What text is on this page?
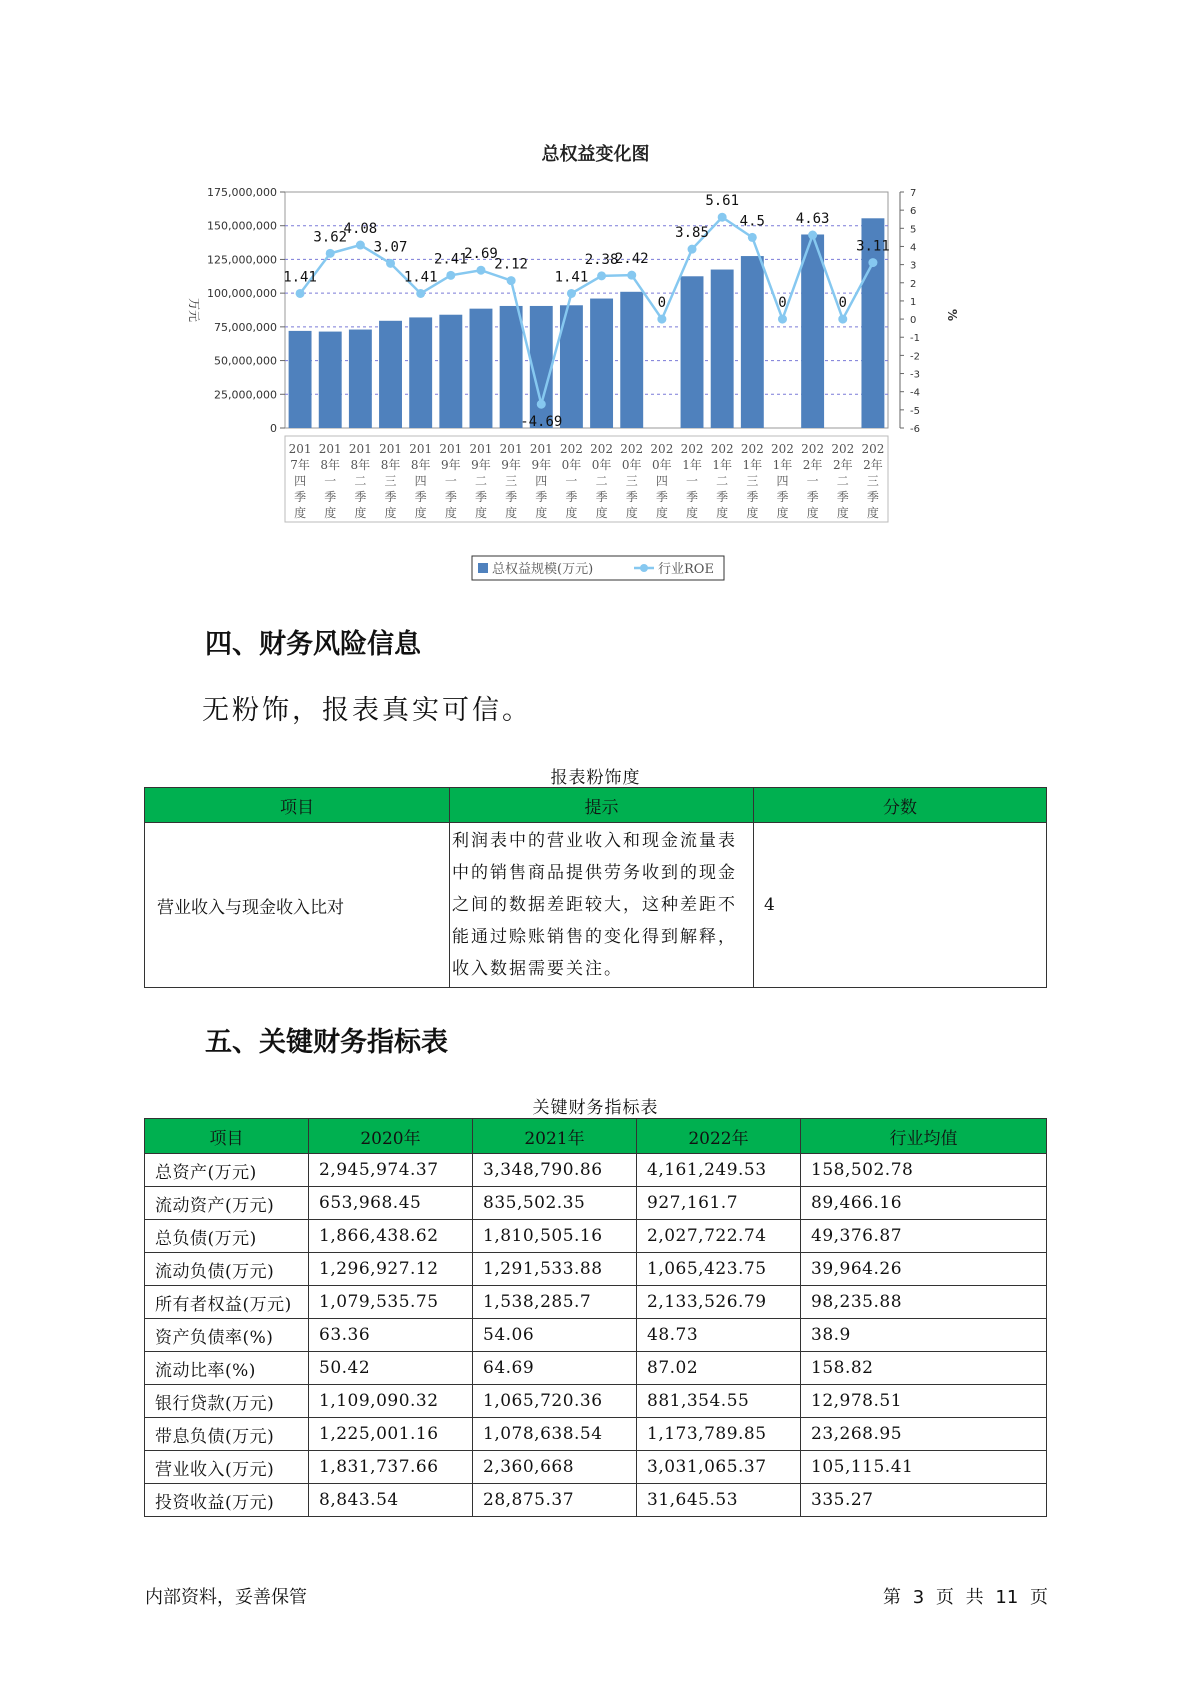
总权益变化图
0
25,000,000
50,000,000
75,000,000
100,000,000
125,000,000
150,000,000
175,000,000
-6
-5
-4
-3
-2
-1
0
1
2
3
4
5
6
7
万元	%
1.41
3.62
4.08
3.07
1.41
2.41
2.69
2.12
-4.69
1.41
2.38
2.42
0
3.85
5.61
4.5
0
4.63
0
3.11
201
7年
四
季
度
201
8年
一
季
度
201
8年
二
季
度
201
8年
三
季
度
201
8年
四
季
度
201
9年
一
季
度
201
9年
二
季
度
201
9年
三
季
度
201
9年
四
季
度
202
0年
一
季
度
202
0年
二
季
度
202
0年
三
季
度
202
0年
四
季
度
202
1年
一
季
度
202
1年
二
季
度
202
1年
三
季
度
202
1年
四
季
度
202
2年
一
季
度
202
2年
二
季
度
202
2年
三
季
度
总权益规模(万元)	行业ROE
四、财务风险信息
无粉饰，报表真实可信。
报表粉饰度
项目	提示	分数
营业收入与现金收入比对	利润表中的营业收入和现金流量表中的销售商品提供劳务收到的现金之间的数据差距较大，这种差距不能通过赊账销售的变化得到解释，收入数据需要关注。	4
五、关键财务指标表
关键财务指标表
项目	2020年	2021年	2022年	行业均值
总资产(万元)	2,945,974.37	3,348,790.86	4,161,249.53	158,502.78
流动资产(万元)	653,968.45	835,502.35	927,161.7	89,466.16
总负债(万元)	1,866,438.62	1,810,505.16	2,027,722.74	49,376.87
流动负债(万元)	1,296,927.12	1,291,533.88	1,065,423.75	39,964.26
所有者权益(万元)	1,079,535.75	1,538,285.7	2,133,526.79	98,235.88
资产负债率(%)	63.36	54.06	48.73	38.9
流动比率(%)	50.42	64.69	87.02	158.82
银行贷款(万元)	1,109,090.32	1,065,720.36	881,354.55	12,978.51
带息负债(万元)	1,225,001.16	1,078,638.54	1,173,789.85	23,268.95
营业收入(万元)	1,831,737.66	2,360,668	3,031,065.37	105,115.41
投资收益(万元)	8,843.54	28,875.37	31,645.53	335.27
内部资料，妥善保管	第 3 页 共 11 页
